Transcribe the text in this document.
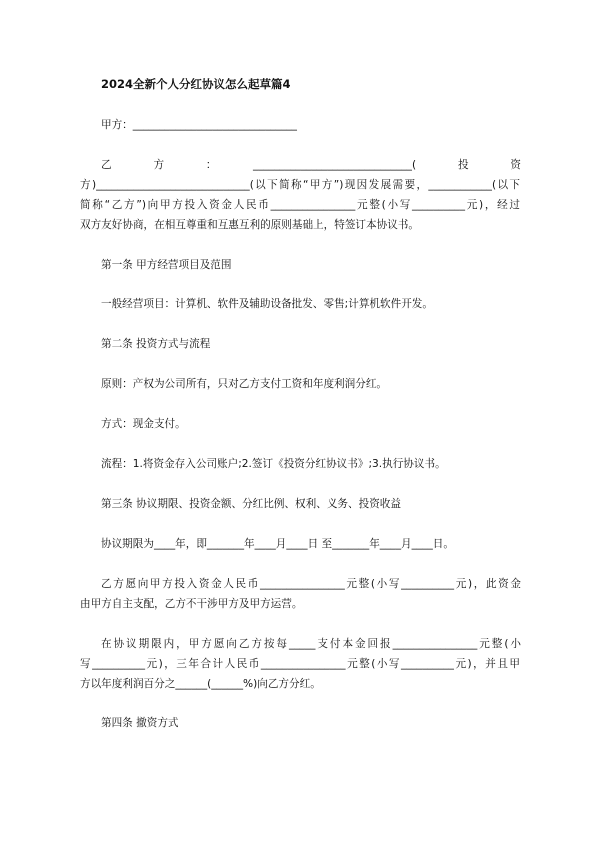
2024全新个人分红协议怎么起草篇4
甲方：_______________________________
乙　　　方　　　：　　　______________________________(　　　投　　　资
方)_____________________________(以下简称“甲方”)现因发展需要，____________(以下
简称“乙方”)向甲方投入资金人民币________________元整(小写__________元)，经过
双方友好协商，在相互尊重和互惠互利的原则基础上，特签订本协议书。
第一条 甲方经营项目及范围
一般经营项目：计算机、软件及辅助设备批发、零售;计算机软件开发。
第二条 投资方式与流程
原则：产权为公司所有，只对乙方支付工资和年度利润分红。
方式：现金支付。
流程：1.将资金存入公司账户;2.签订《投资分红协议书》;3.执行协议书。
第三条 协议期限、投资金额、分红比例、权利、义务、投资收益
协议期限为____年，即_______年____月____日 至_______年____月____日。
乙方愿向甲方投入资金人民币________________元整(小写__________元)，此资金
由甲方自主支配，乙方不干涉甲方及甲方运营。
在协议期限内，甲方愿向乙方按每_____支付本金回报________________元整(小
写__________元)，三年合计人民币________________元整(小写__________元)，并且甲
方以年度利润百分之______(______%)向乙方分红。
第四条 撤资方式
